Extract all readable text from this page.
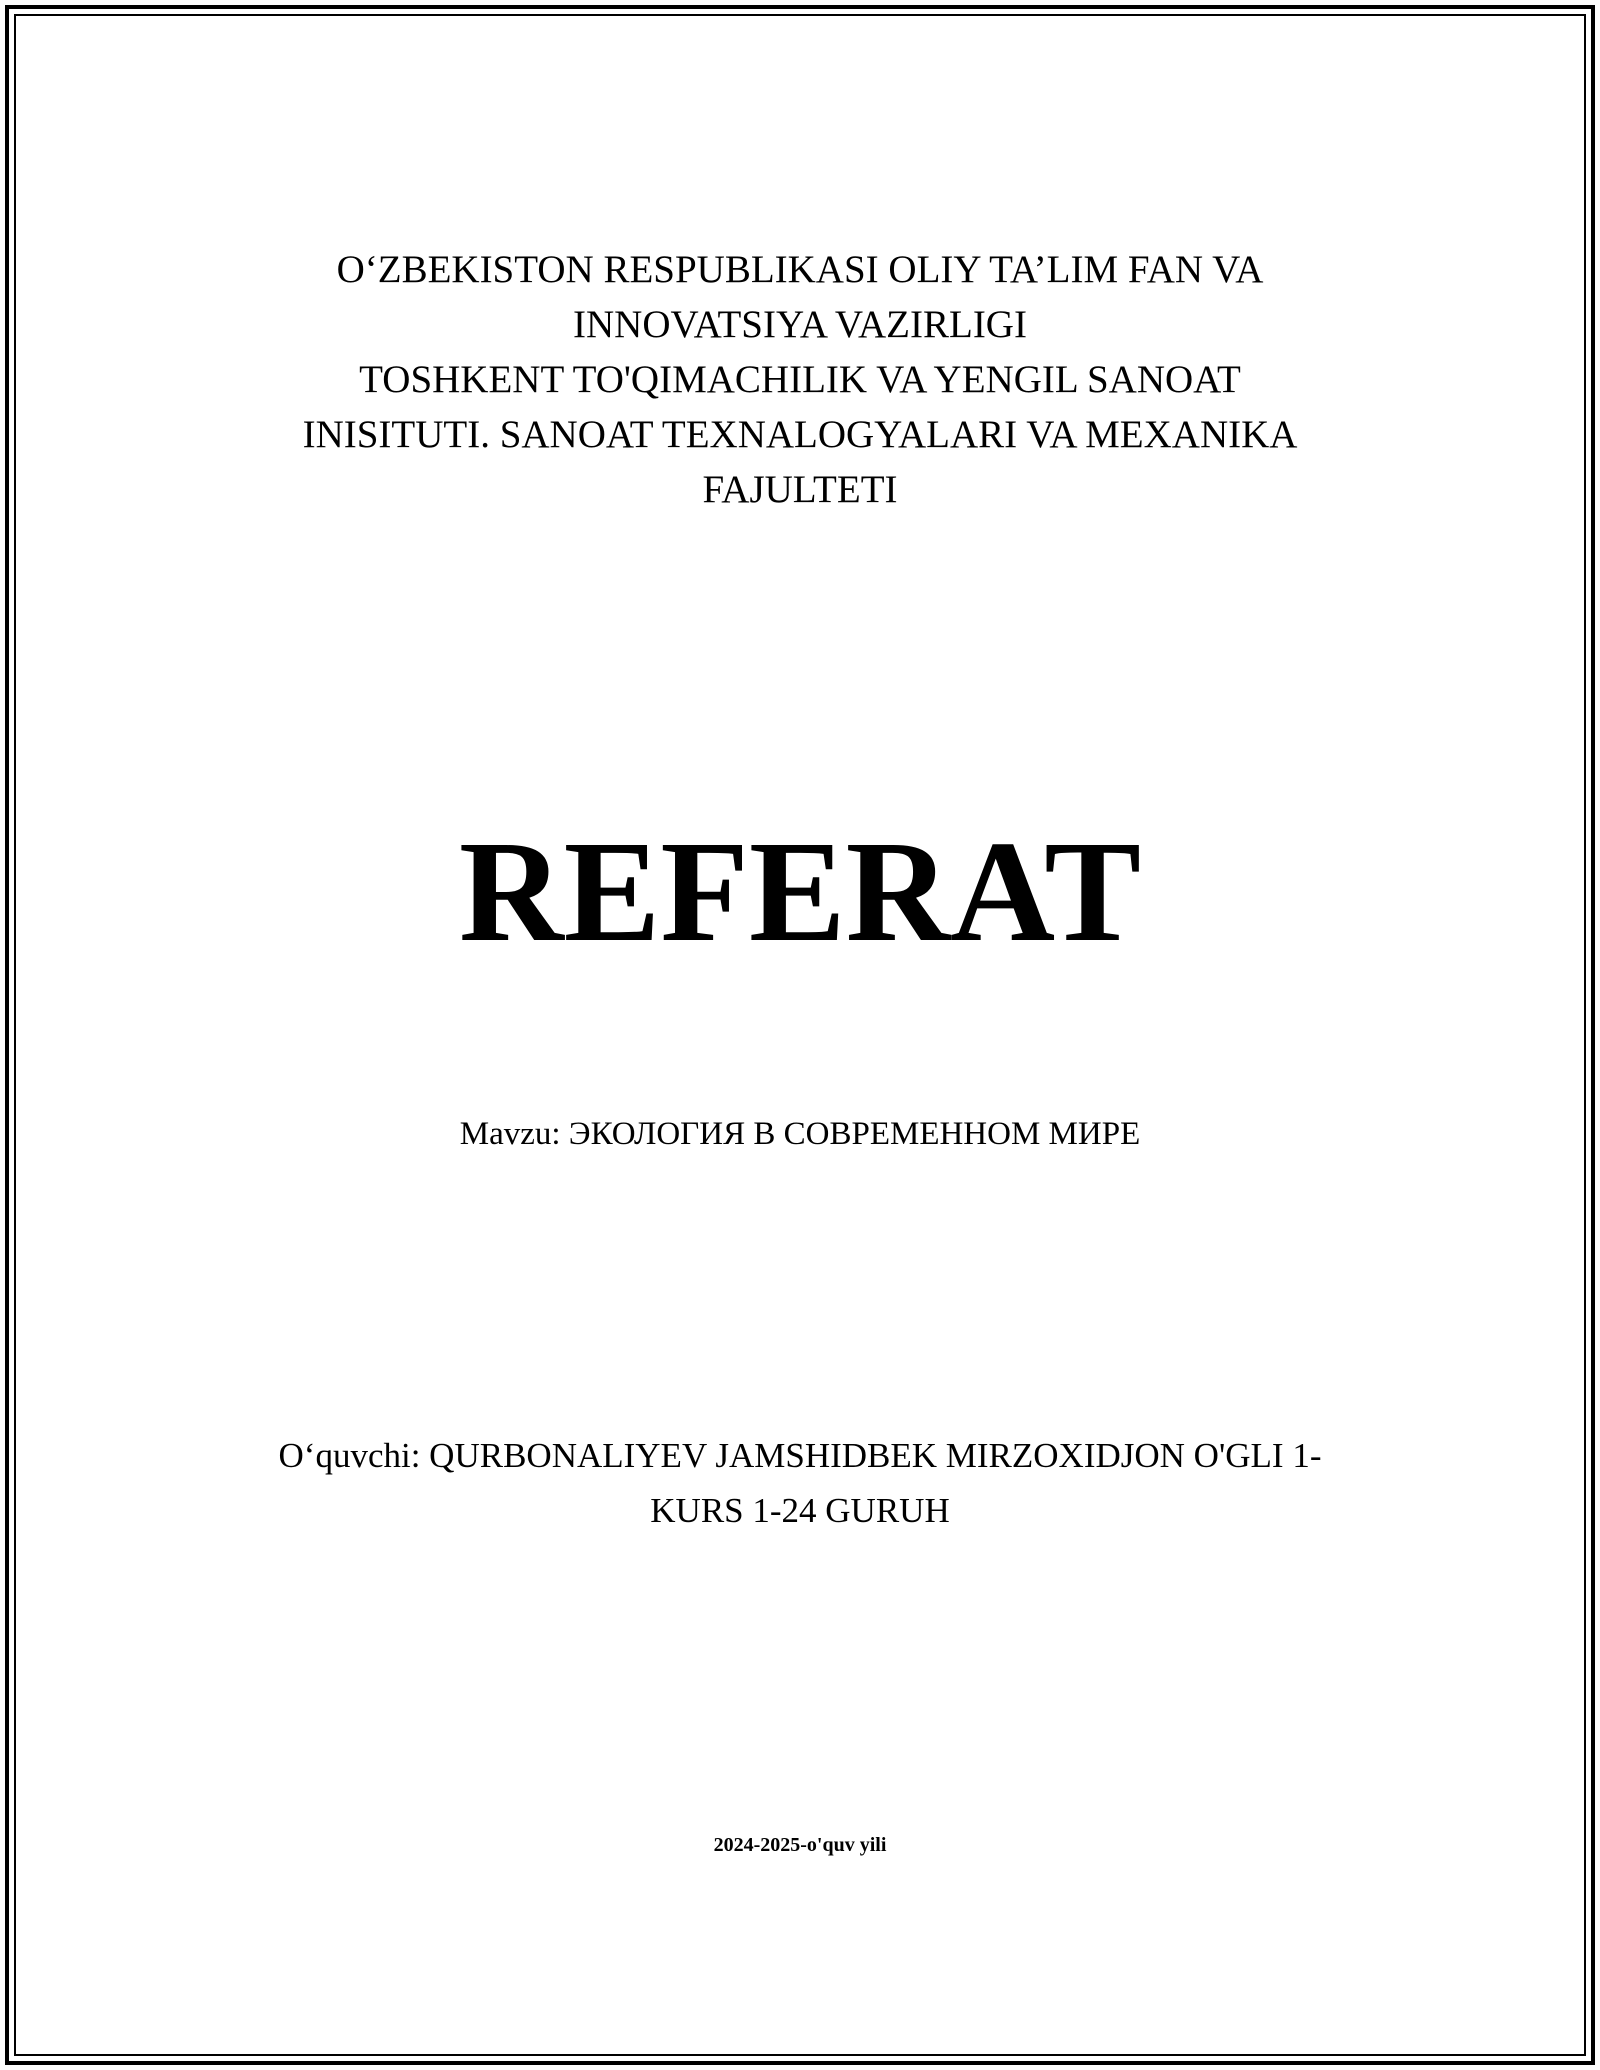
O‘ZBEKISTON RESPUBLIKASI OLIY TA’LIM FAN VA
INNOVATSIYA VAZIRLIGI
TOSHKENT TO'QIMACHILIK VA YENGIL SANOAT
INISITUTI. SANOAT TEXNALOGYALARI VA MEXANIKA
FAJULTETI
REFERAT
Mavzu: ЭКОЛОГИЯ В СОВРЕМЕННОМ МИРЕ
O‘quvchi: QURBONALIYEV JAMSHIDBEK MIRZOXIDJON O'GLI 1-
KURS 1-24 GURUH
2024-2025-o'quv yili
